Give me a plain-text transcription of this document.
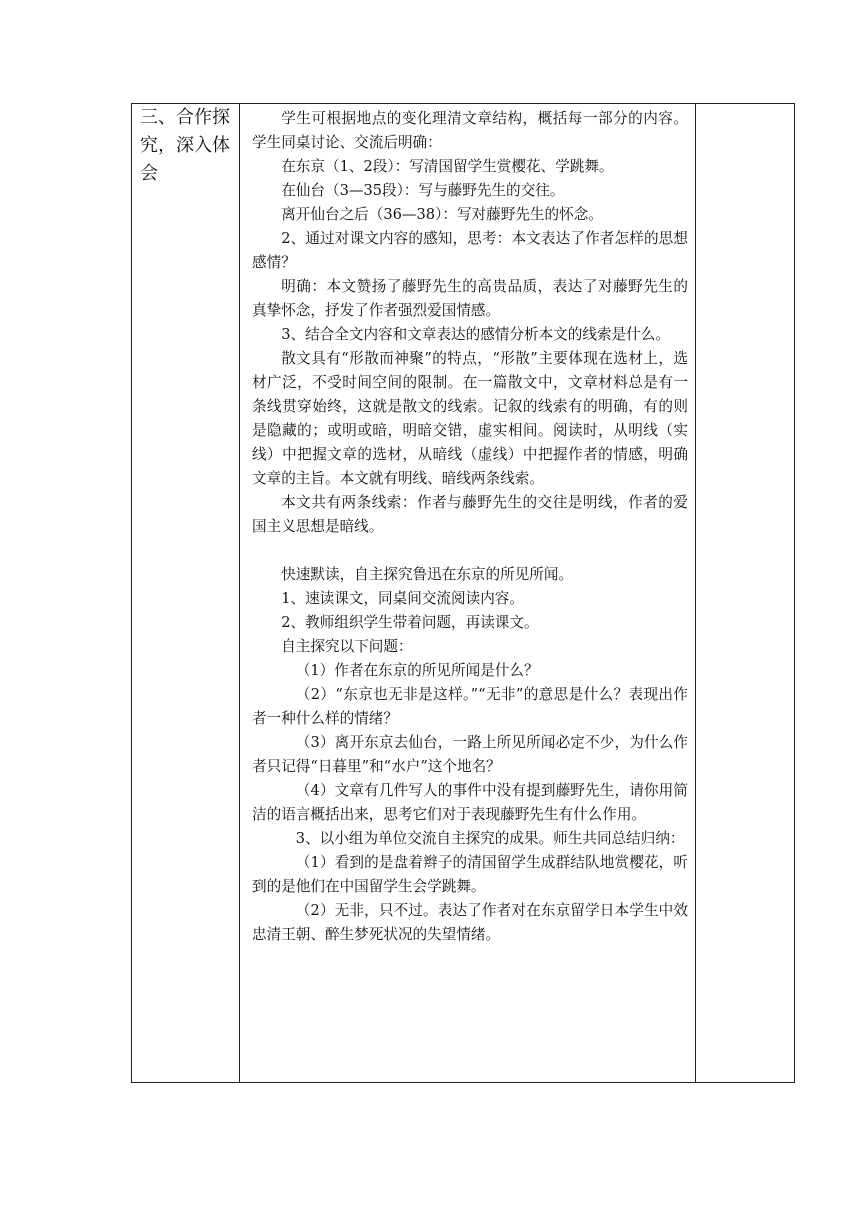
三、合作探究，深入体会

学生可根据地点的变化理清文章结构，概括每一部分的内容。学生同桌讨论、交流后明确：

在东京（1、2段）：写清国留学生赏樱花、学跳舞。

在仙台（3—35段）：写与藤野先生的交往。

离开仙台之后（36—38）：写对藤野先生的怀念。

2、通过对课文内容的感知，思考：本文表达了作者怎样的思想感情？

明确：本文赞扬了藤野先生的高贵品质，表达了对藤野先生的真挚怀念，抒发了作者强烈爱国情感。

3、结合全文内容和文章表达的感情分析本文的线索是什么。

散文具有“形散而神聚”的特点，“形散”主要体现在选材上，选材广泛，不受时间空间的限制。在一篇散文中，文章材料总是有一条线贯穿始终，这就是散文的线索。记叙的线索有的明确，有的则是隐藏的；或明或暗，明暗交错，虚实相间。阅读时，从明线（实线）中把握文章的选材，从暗线（虚线）中把握作者的情感，明确文章的主旨。本文就有明线、暗线两条线索。

本文共有两条线索：作者与藤野先生的交往是明线，作者的爱国主义思想是暗线。

快速默读，自主探究鲁迅在东京的所见所闻。

1、速读课文，同桌间交流阅读内容。

2、教师组织学生带着问题，再读课文。

自主探究以下问题：

（1）作者在东京的所见所闻是什么？

（2）“东京也无非是这样。”“无非”的意思是什么？表现出作者一种什么样的情绪？

（3）离开东京去仙台，一路上所见所闻必定不少，为什么作者只记得“日暮里”和“水户”这个地名？

（4）文章有几件写人的事件中没有提到藤野先生，请你用简洁的语言概括出来，思考它们对于表现藤野先生有什么作用。

3、以小组为单位交流自主探究的成果。师生共同总结归纳：

（1）看到的是盘着辫子的清国留学生成群结队地赏樱花，听到的是他们在中国留学生会学跳舞。

（2）无非，只不过。表达了作者对在东京留学日本学生中效忠清王朝、醉生梦死状况的失望情绪。
